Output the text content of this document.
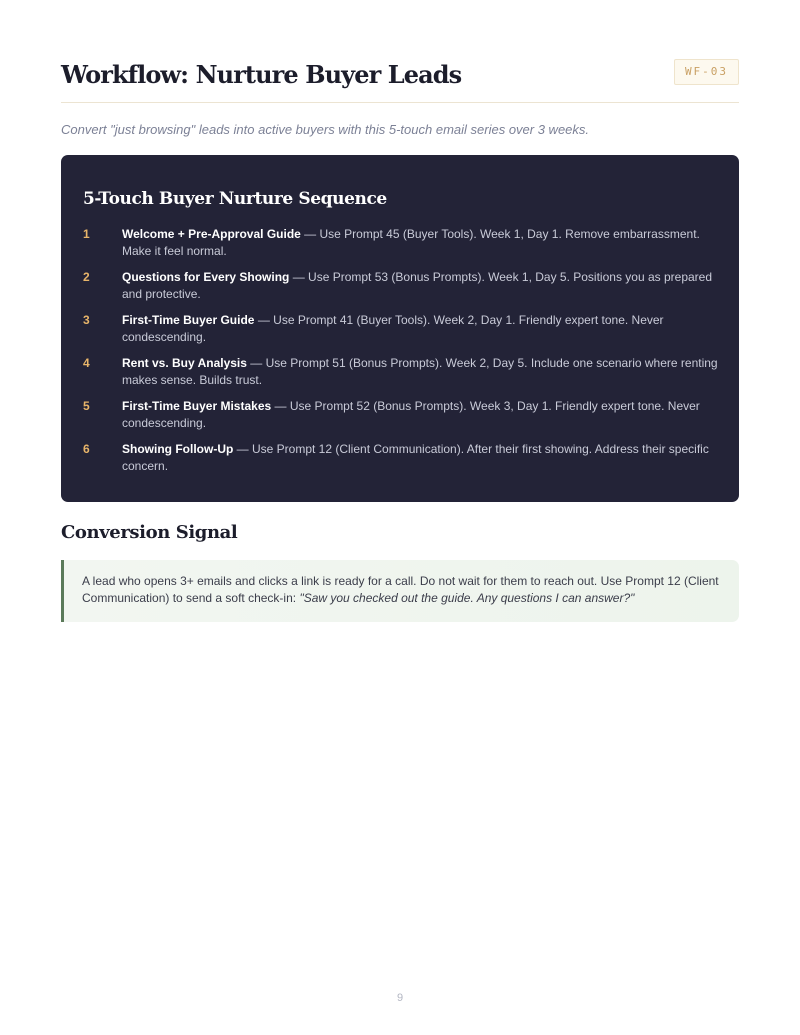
Workflow: Nurture Buyer Leads	WF-03

Convert "just browsing" leads into active buyers with this 5-touch email series over 3 weeks.

5-Touch Buyer Nurture Sequence
1	Welcome + Pre-Approval Guide — Use Prompt 45 (Buyer Tools). Week 1, Day 1. Remove embarrassment. Make it feel normal.
2	Questions for Every Showing — Use Prompt 53 (Bonus Prompts). Week 1, Day 5. Positions you as prepared and protective.
3	First-Time Buyer Guide — Use Prompt 41 (Buyer Tools). Week 2, Day 1. Friendly expert tone. Never condescending.
4	Rent vs. Buy Analysis — Use Prompt 51 (Bonus Prompts). Week 2, Day 5. Include one scenario where renting makes sense. Builds trust.
5	First-Time Buyer Mistakes — Use Prompt 52 (Bonus Prompts). Week 3, Day 1. Friendly expert tone. Never condescending.
6	Showing Follow-Up — Use Prompt 12 (Client Communication). After their first showing. Address their specific concern.
Conversion Signal

A lead who opens 3+ emails and clicks a link is ready for a call. Do not wait for them to reach out. Use Prompt 12 (Client Communication) to send a soft check-in: "Saw you checked out the guide. Any questions I can answer?"

9
